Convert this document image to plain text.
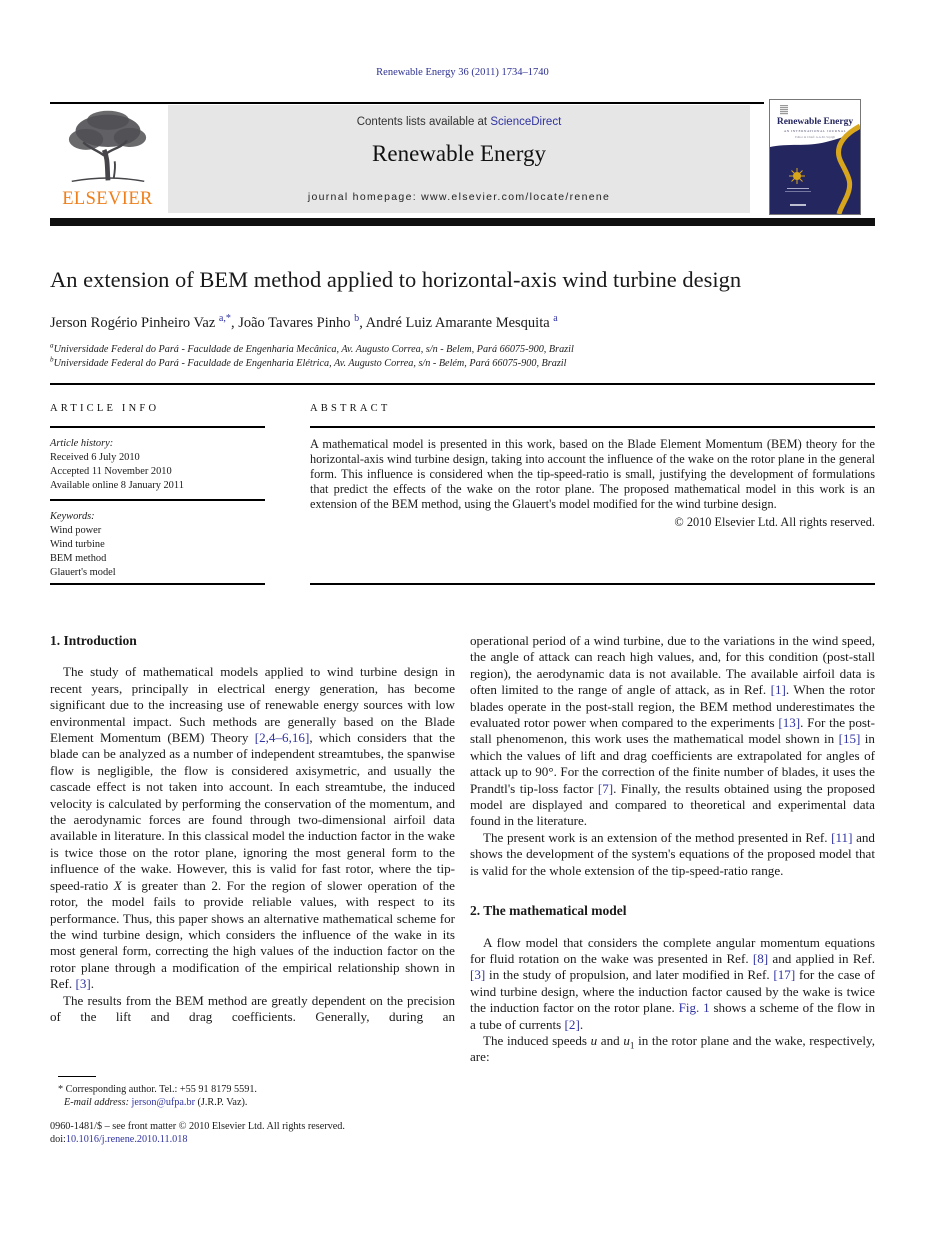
Renewable Energy 36 (2011) 1734–1740
ELSEVIER
Contents lists available at ScienceDirect
Renewable Energy
journal homepage: www.elsevier.com/locate/renene
Renewable Energy
AN INTERNATIONAL JOURNAL
Editor in Chief: A.A.M. Sayigh
An extension of BEM method applied to horizontal-axis wind turbine design
Jerson Rogério Pinheiro Vaz $^{a,*}$, João Tavares Pinho $^b$, André Luiz Amarante Mesquita $^a$
$^a$Universidade Federal do Pará - Faculdade de Engenharia Mecânica, Av. Augusto Correa, s/n - Belem, Pará 66075-900, Brazil
$^b$Universidade Federal do Pará - Faculdade de Engenharia Elétrica, Av. Augusto Correa, s/n - Belém, Pará 66075-900, Brazil
ARTICLE INFO	ABSTRACT
Article history:
Received 6 July 2010
Accepted 11 November 2010
Available online 8 January 2011
Keywords:
Wind power
Wind turbine
BEM method
Glauert's model
A mathematical model is presented in this work, based on the Blade Element Momentum (BEM) theory for the horizontal-axis wind turbine design, taking into account the influence of the wake on the rotor plane in the general form. This influence is considered when the tip-speed-ratio is small, justifying the development of formulations that predict the effects of the wake on the rotor plane. The proposed mathematical model in this work is an extension of the BEM method, using the Glauert's model modified for the wind turbine design.
© 2010 Elsevier Ltd. All rights reserved.
1. Introduction

The study of mathematical models applied to wind turbine design in recent years, principally in electrical energy generation, has become significant due to the increasing use of renewable energy sources with low environmental impact. Such methods are generally based on the Blade Element Momentum (BEM) Theory [2,4–6,16], which considers that the blade can be analyzed as a number of independent streamtubes, the spanwise flow is negligible, the flow is considered axisymetric, and usually the cascade effect is not taken into account. In each streamtube, the induced velocity is calculated by performing the conservation of the momentum, and the aerodynamic forces are found through two-dimensional airfoil data available in literature. In this classical model the induction factor in the wake is twice those on the rotor plane, ignoring the most general form to the influence of the wake. However, this is valid for fast rotor, where the tip-speed-ratio X is greater than 2. For the region of slower operation of the rotor, the model fails to provide reliable values, with respect to its performance. Thus, this paper shows an alternative mathematical scheme for the wind turbine design, which considers the influence of the wake in its most general form, correcting the high values of the induction factor on the rotor plane through a modification of the empirical relationship shown in Ref. [3].

The results from the BEM method are greatly dependent on the precision of the lift and drag coefficients. Generally, during an

operational period of a wind turbine, due to the variations in the wind speed, the angle of attack can reach high values, and, for this condition (post-stall region), the aerodynamic data is not available. The available airfoil data is often limited to the range of angle of attack, as in Ref. [1]. When the rotor blades operate in the post-stall region, the BEM method underestimates the evaluated rotor power when compared to the experiments [13]. For the post-stall phenomenon, this work uses the mathematical model shown in [15] in which the values of lift and drag coefficients are extrapolated for angles of attack up to 90°. For the correction of the finite number of blades, it uses the Prandtl's tip-loss factor [7]. Finally, the results obtained using the proposed model are displayed and compared to theoretical and experimental data found in the literature.

The present work is an extension of the method presented in Ref. [11] and shows the development of the system's equations of the proposed model that is valid for the whole extension of the tip-speed-ratio range.

2. The mathematical model

A flow model that considers the complete angular momentum equations for fluid rotation on the wake was presented in Ref. [8] and applied in Ref. [3] in the study of propulsion, and later modified in Ref. [17] for the case of wind turbine design, where the induction factor caused by the wake is twice the induction factor on the rotor plane. Fig. 1 shows a scheme of the flow in a tube of currents [2].

The induced speeds u and $u_1$ in the rotor plane and the wake, respectively, are:

* Corresponding author. Tel.: +55 91 8179 5591.
E-mail address: jerson@ufpa.br (J.R.P. Vaz).
0960-1481/$ – see front matter © 2010 Elsevier Ltd. All rights reserved.
doi:10.1016/j.renene.2010.11.018
